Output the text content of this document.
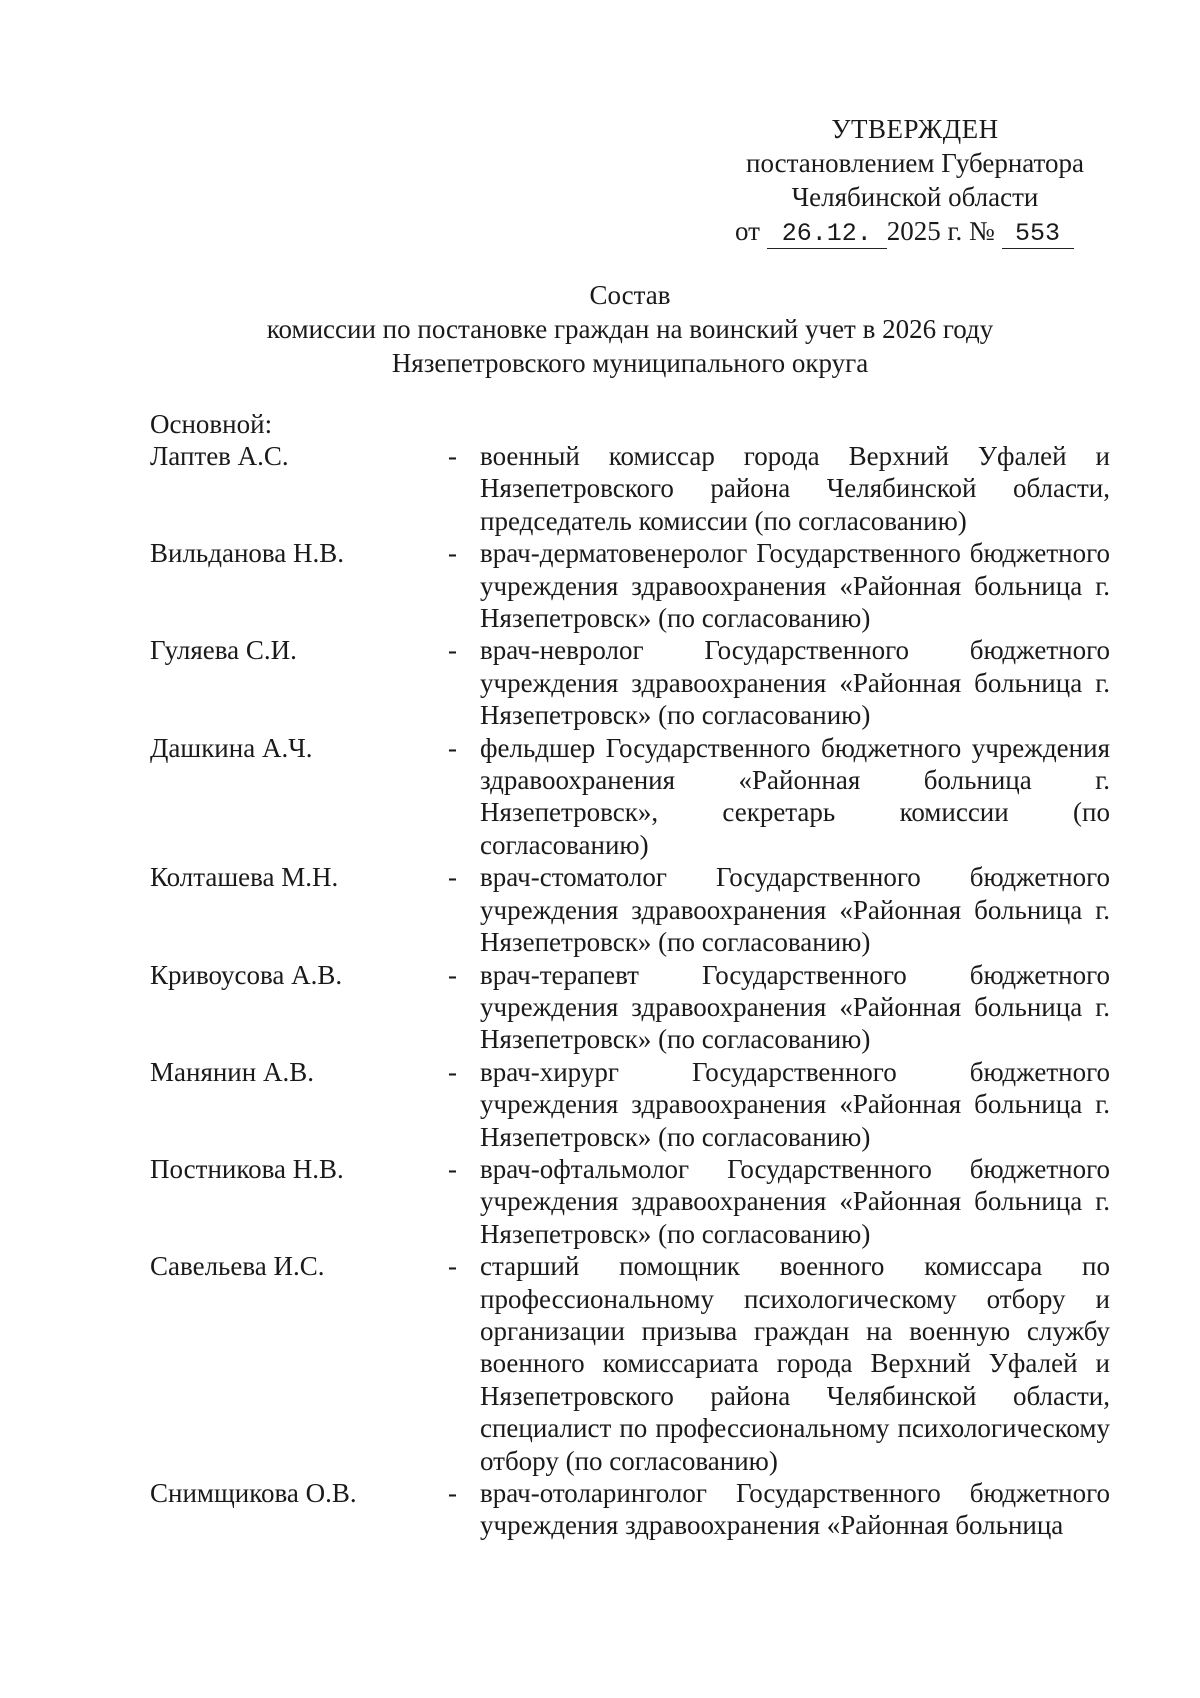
УТВЕРЖДЕН
постановлением Губернатора
Челябинской области
от 26.12. 2025 г. № 553
Состав
комиссии по постановке граждан на воинский учет в 2026 году
Нязепетровского муниципального округа
Основной:
Лаптев А.С.	- военный комиссар города Верхний Уфалей и Нязепетровского района Челябинской области, председатель комиссии (по согласованию)
Вильданова Н.В.	- врач-дерматовенеролог Государственного бюджетного учреждения здравоохранения «Районная больница г. Нязепетровск» (по согласованию)
Гуляева С.И.	- врач-невролог Государственного бюджетного учреждения здравоохранения «Районная больница г. Нязепетровск» (по согласованию)
Дашкина А.Ч.	- фельдшер Государственного бюджетного учреждения здравоохранения «Районная больница г. Нязепетровск», секретарь комиссии (по согласованию)
Колташева М.Н.	- врач-стоматолог Государственного бюджетного учреждения здравоохранения «Районная больница г. Нязепетровск» (по согласованию)
Кривоусова А.В.	- врач-терапевт Государственного бюджетного учреждения здравоохранения «Районная больница г. Нязепетровск» (по согласованию)
Манянин А.В.	- врач-хирург Государственного бюджетного учреждения здравоохранения «Районная больница г. Нязепетровск» (по согласованию)
Постникова Н.В.	- врач-офтальмолог Государственного бюджетного учреждения здравоохранения «Районная больница г. Нязепетровск» (по согласованию)
Савельева И.С.	- старший помощник военного комиссара по профессиональному психологическому отбору и организации призыва граждан на военную службу военного комиссариата города Верхний Уфалей и Нязепетровского района Челябинской области, специалист по профессиональному психологическому отбору (по согласованию)
Снимщикова О.В.	- врач-отоларинголог Государственного бюджетного учреждения здравоохранения «Районная больница
